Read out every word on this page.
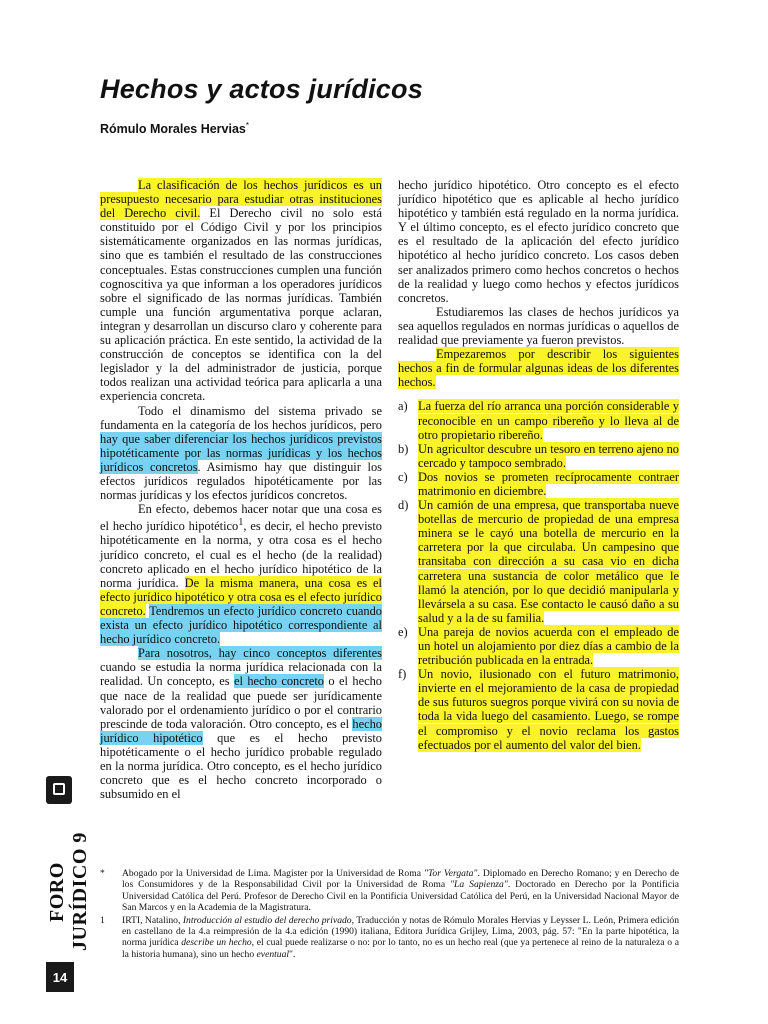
Hechos y actos jurídicos
Rómulo Morales Hervias*

La clasificación de los hechos jurídicos es un presupuesto necesario para estudiar otras instituciones del Derecho civil. El Derecho civil no solo está constituido por el Código Civil y por los principios sistemáticamente organizados en las normas jurídicas, sino que es también el resultado de las construcciones conceptuales. Estas construcciones cumplen una función cognoscitiva ya que informan a los operadores jurídicos sobre el significado de las normas jurídicas. También cumple una función argumentativa porque aclaran, integran y desarrollan un discurso claro y coherente para su aplicación práctica. En este sentido, la actividad de la construcción de conceptos se identifica con la del legislador y la del administrador de justicia, porque todos realizan una actividad teórica para aplicarla a una experiencia concreta.

Todo el dinamismo del sistema privado se fundamenta en la categoría de los hechos jurídicos, pero hay que saber diferenciar los hechos jurídicos previstos hipotéticamente por las normas jurídicas y los hechos jurídicos concretos. Asimismo hay que distinguir los efectos jurídicos regulados hipotéticamente por las normas jurídicas y los efectos jurídicos concretos.

En efecto, debemos hacer notar que una cosa es el hecho jurídico hipotético$^1$, es decir, el hecho previsto hipotéticamente en la norma, y otra cosa es el hecho jurídico concreto, el cual es el hecho (de la realidad) concreto aplicado en el hecho jurídico hipotético de la norma jurídica. De la misma manera, una cosa es el efecto jurídico hipotético y otra cosa es el efecto jurídico concreto. Tendremos un efecto jurídico concreto cuando exista un efecto jurídico hipotético correspondiente al hecho jurídico concreto.

Para nosotros, hay cinco conceptos diferentes cuando se estudia la norma jurídica relacionada con la realidad. Un concepto, es el hecho concreto o el hecho que nace de la realidad que puede ser jurídicamente valorado por el ordenamiento jurídico o por el contrario prescinde de toda valoración. Otro concepto, es el hecho jurídico hipotético que es el hecho previsto hipotéticamente o el hecho jurídico probable regulado en la norma jurídica. Otro concepto, es el hecho jurídico concreto que es el hecho concreto incorporado o subsumido en el

hecho jurídico hipotético. Otro concepto es el efecto jurídico hipotético que es aplicable al hecho jurídico hipotético y también está regulado en la norma jurídica. Y el último concepto, es el efecto jurídico concreto que es el resultado de la aplicación del efecto jurídico hipotético al hecho jurídico concreto. Los casos deben ser analizados primero como hechos concretos o hechos de la realidad y luego como hechos y efectos jurídicos concretos.

Estudiaremos las clases de hechos jurídicos ya sea aquellos regulados en normas jurídicas o aquellos de realidad que previamente ya fueron previstos.

Empezaremos por describir los siguientes hechos a fin de formular algunas ideas de los diferentes hechos.

a) La fuerza del río arranca una porción considerable y reconocible en un campo ribereño y lo lleva al de otro propietario ribereño.
b) Un agricultor descubre un tesoro en terreno ajeno no cercado y tampoco sembrado.
c) Dos novios se prometen recíprocamente contraer matrimonio en diciembre.
d) Un camión de una empresa, que transportaba nueve botellas de mercurio de propiedad de una empresa minera se le cayó una botella de mercurio en la carretera por la que circulaba. Un campesino que transitaba con dirección a su casa vio en dicha carretera una sustancia de color metálico que le llamó la atención, por lo que decidió manipularla y llevársela a su casa. Ese contacto le causó daño a su salud y a la de su familia.
e) Una pareja de novios acuerda con el empleado de un hotel un alojamiento por diez días a cambio de la retribución publicada en la entrada.
f) Un novio, ilusionado con el futuro matrimonio, invierte en el mejoramiento de la casa de propiedad de sus futuros suegros porque vivirá con su novia de toda la vida luego del casamiento. Luego, se rompe el compromiso y el novio reclama los gastos efectuados por el aumento del valor del bien.
*	Abogado por la Universidad de Lima. Magister por la Universidad de Roma "Tor Vergata". Diplomado en Derecho Romano; y en Derecho de los Consumidores y de la Responsabilidad Civil por la Universidad de Roma "La Sapienza". Doctorado en Derecho por la Pontificia Universidad Católica del Perú. Profesor de Derecho Civil en la Pontificia Universidad Católica del Perú, en la Universidad Nacional Mayor de San Marcos y en la Academia de la Magistratura.
1	IRTI, Natalino, Introducción al estudio del derecho privado, Traducción y notas de Rómulo Morales Hervias y Leysser L. León, Primera edición en castellano de la 4.a reimpresión de la 4.a edición (1990) italiana, Editora Jurídica Grijley, Lima, 2003, pág. 57: "En la parte hipotética, la norma jurídica describe un hecho, el cual puede realizarse o no: por lo tanto, no es un hecho real (que ya pertenece al reino de la naturaleza o a la historia humana), sino un hecho eventual".
FORO JURÍDICO 9
14
